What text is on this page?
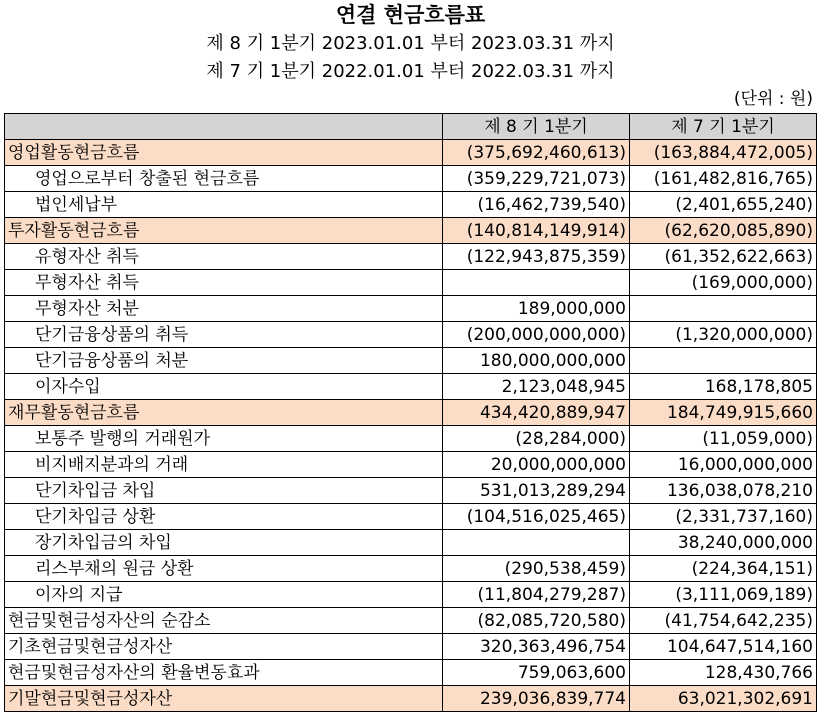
연결 현금흐름표
제 8 기 1분기 2023.01.01 부터 2023.03.31 까지
제 7 기 1분기 2022.01.01 부터 2022.03.31 까지
(단위 : 원)
	제 8 기 1분기	제 7 기 1분기
영업활동현금흐름	(375,692,460,613)	(163,884,472,005)
영업으로부터 창출된 현금흐름	(359,229,721,073)	(161,482,816,765)
법인세납부	(16,462,739,540)	(2,401,655,240)
투자활동현금흐름	(140,814,149,914)	(62,620,085,890)
유형자산 취득	(122,943,875,359)	(61,352,622,663)
무형자산 취득		(169,000,000)
무형자산 처분	189,000,000	
단기금융상품의 취득	(200,000,000,000)	(1,320,000,000)
단기금융상품의 처분	180,000,000,000	
이자수입	2,123,048,945	168,178,805
재무활동현금흐름	434,420,889,947	184,749,915,660
보통주 발행의 거래원가	(28,284,000)	(11,059,000)
비지배지분과의 거래	20,000,000,000	16,000,000,000
단기차입금 차입	531,013,289,294	136,038,078,210
단기차입금 상환	(104,516,025,465)	(2,331,737,160)
장기차입금의 차입		38,240,000,000
리스부채의 원금 상환	(290,538,459)	(224,364,151)
이자의 지급	(11,804,279,287)	(3,111,069,189)
현금및현금성자산의 순감소	(82,085,720,580)	(41,754,642,235)
기초현금및현금성자산	320,363,496,754	104,647,514,160
현금및현금성자산의 환율변동효과	759,063,600	128,430,766
기말현금및현금성자산	239,036,839,774	63,021,302,691
